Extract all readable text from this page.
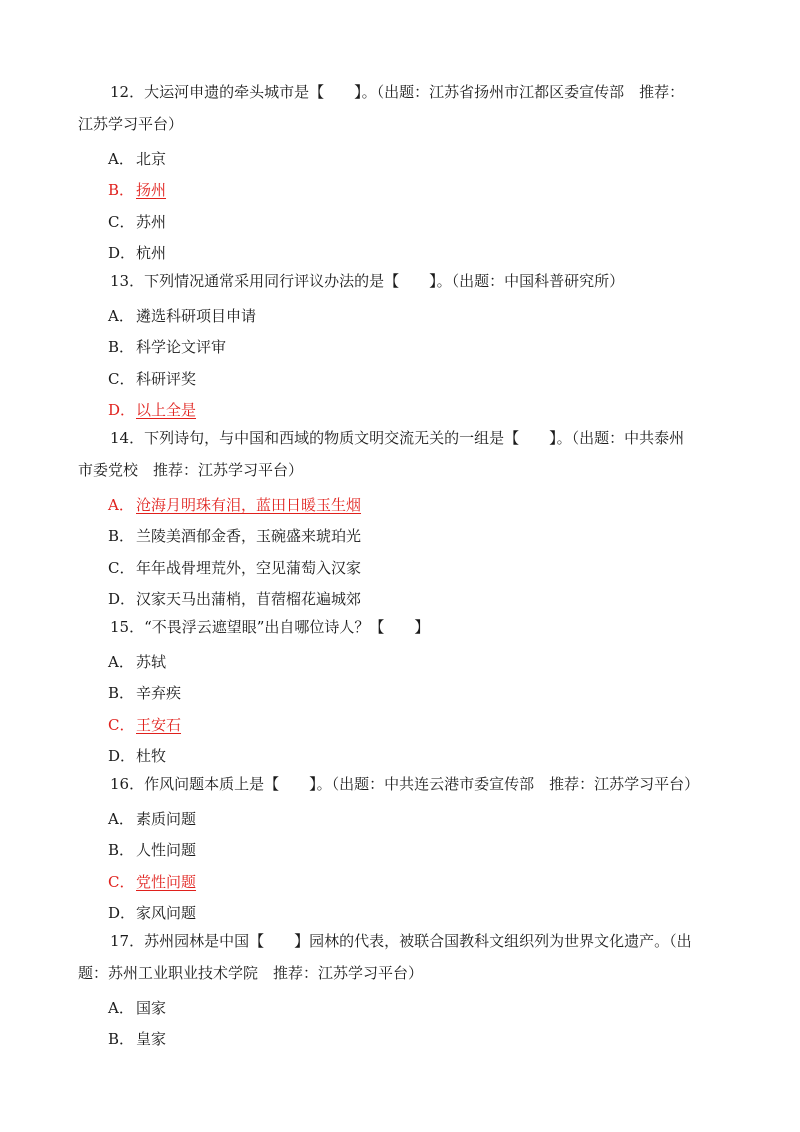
12．大运河申遗的牵头城市是【　　】。（出题：江苏省扬州市江都区委宣传部　推荐：
江苏学习平台）
A． 北京
B． 扬州
C． 苏州
D．杭州
13．下列情况通常采用同行评议办法的是【　　】。（出题：中国科普研究所）
A． 遴选科研项目申请
B． 科学论文评审
C． 科研评奖
D．以上全是
14．下列诗句，与中国和西域的物质文明交流无关的一组是【　　】。（出题：中共泰州
市委党校　推荐：江苏学习平台）
A． 沧海月明珠有泪，蓝田日暖玉生烟
B． 兰陵美酒郁金香，玉碗盛来琥珀光
C． 年年战骨埋荒外，空见蒲萄入汉家
D．汉家天马出蒲梢，苜蓿榴花遍城郊
15．“不畏浮云遮望眼”出自哪位诗人？【　　】
A． 苏轼
B． 辛弃疾
C． 王安石
D．杜牧
16．作风问题本质上是【　　】。（出题：中共连云港市委宣传部　推荐：江苏学习平台）
A． 素质问题
B． 人性问题
C． 党性问题
D．家风问题
17．苏州园林是中国【　　】园林的代表，被联合国教科文组织列为世界文化遗产。（出
题：苏州工业职业技术学院　推荐：江苏学习平台）
A． 国家
B． 皇家
